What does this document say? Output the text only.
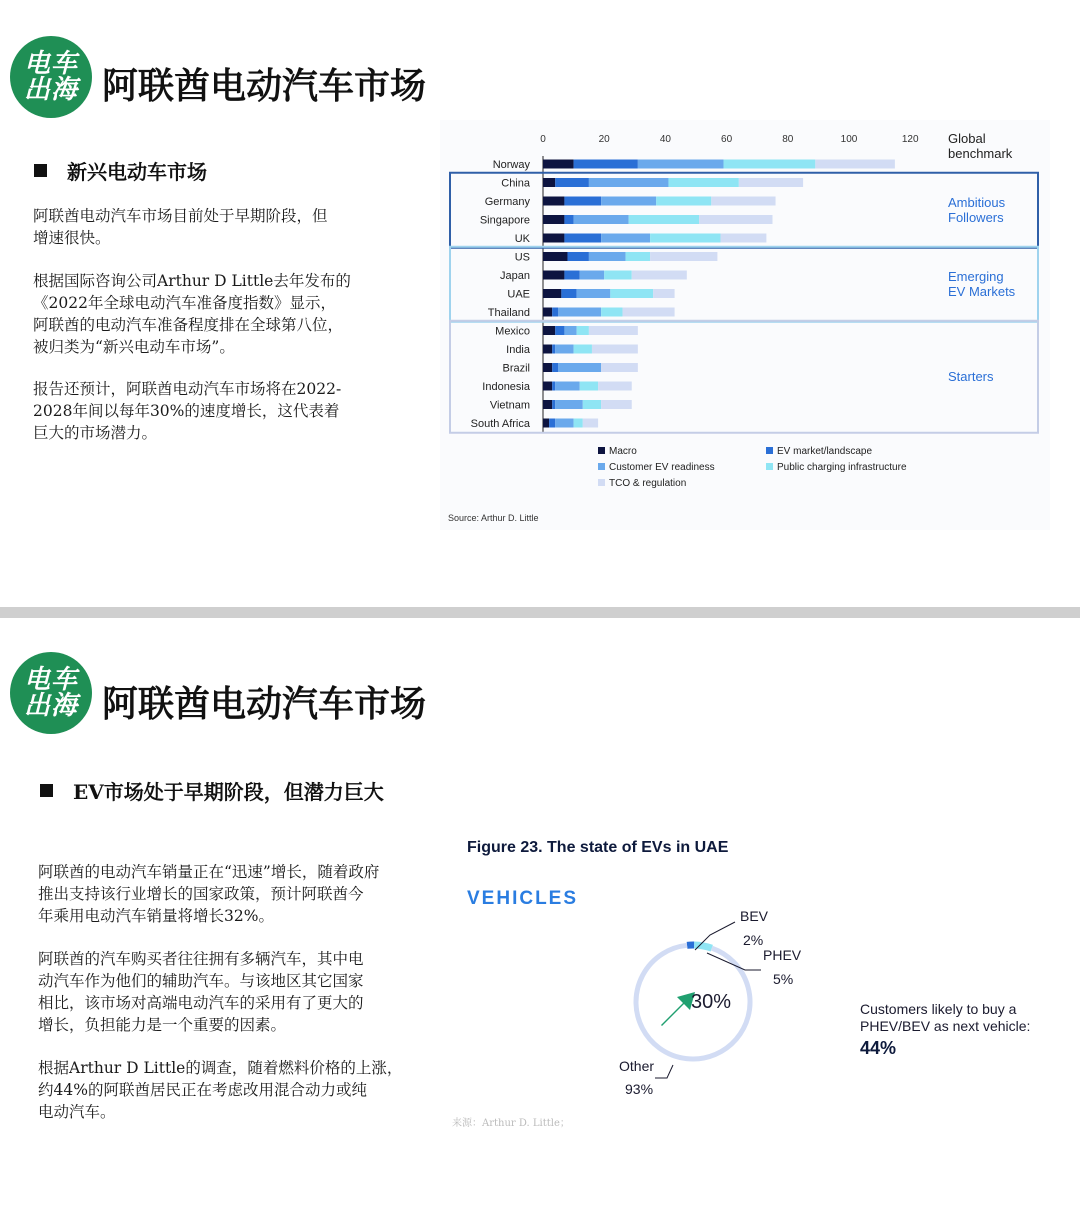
电车
出海 阿联酋电动汽车市场
新兴电动车市场
阿联酋电动汽车市场目前处于早期阶段，但
增速很快。
根据国际咨询公司Arthur D Little去年发布的
《2022年全球电动汽车准备度指数》显示，
阿联酋的电动汽车准备程度排在全球第八位，
被归类为“新兴电动车市场”。
报告还预计，阿联酋电动汽车市场将在2022-
2028年间以每年30%的速度增长，这代表着
巨大的市场潜力。
0	20	40	60	80	100	120
Norway
China
Germany
Singapore
UK
US
Japan
UAE
Thailand
Mexico
India
Brazil
Indonesia
Vietnam
South Africa
Global benchmark
Ambitious Followers
Emerging EV Markets
Starters
Macro	EV market/landscape
Customer EV readiness	Public charging infrastructure
TCO & regulation
Source: Arthur D. Little
电车
出海 阿联酋电动汽车市场
EV市场处于早期阶段，但潜力巨大
阿联酋的电动汽车销量正在“迅速”增长，随着政府
推出支持该行业增长的国家政策，预计阿联酋今
年乘用电动汽车销量将增长32%。
阿联酋的汽车购买者往往拥有多辆汽车，其中电
动汽车作为他们的辅助汽车。与该地区其它国家
相比，该市场对高端电动汽车的采用有了更大的
增长，负担能力是一个重要的因素。
根据Arthur D Little的调查，随着燃料价格的上涨，
约44%的阿联酋居民正在考虑改用混合动力或纯
电动汽车。
Figure 23. The state of EVs in UAE
VEHICLES
30%
BEV
2%
PHEV
5%
Other
93%
Customers likely to buy a
PHEV/BEV as next vehicle:
44%
来源：Arthur D. Little；
